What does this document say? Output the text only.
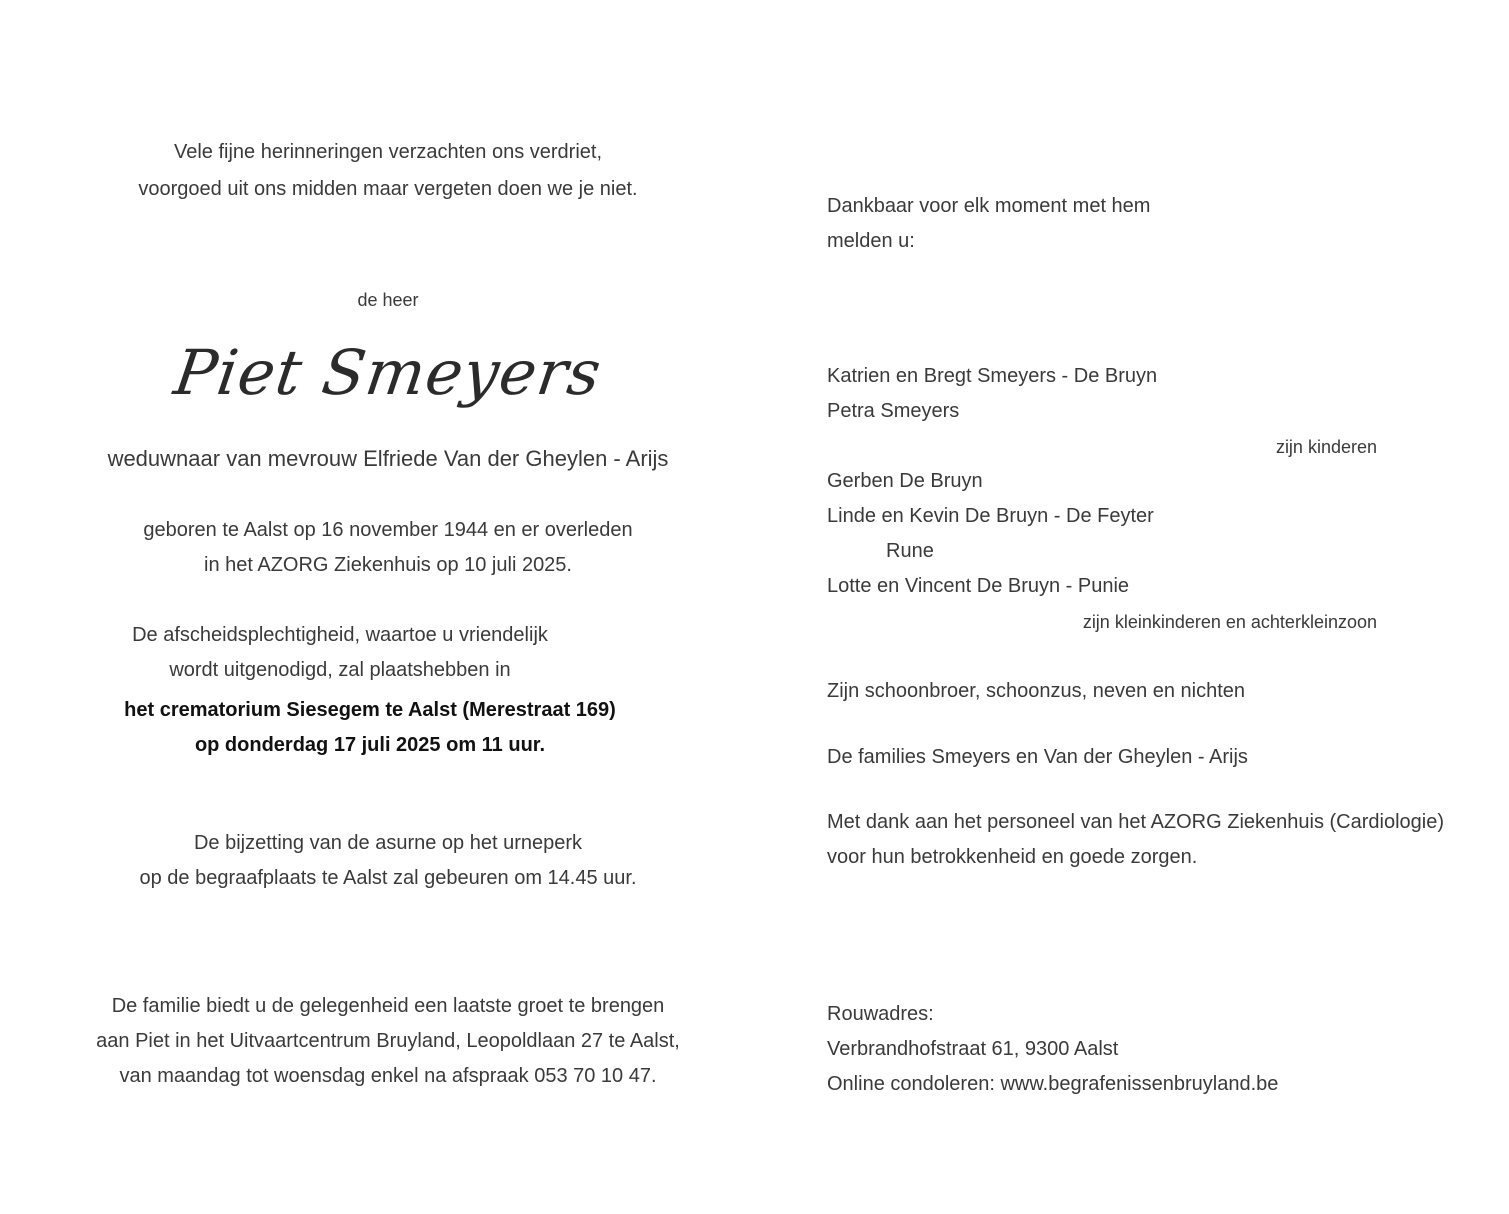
Vele fijne herinneringen verzachten ons verdriet,
voorgoed uit ons midden maar vergeten doen we je niet.
de heer
Piet Smeyers
weduwnaar van mevrouw Elfriede Van der Gheylen - Arijs
geboren te Aalst op 16 november 1944 en er overleden
in het AZORG Ziekenhuis op 10 juli 2025.
De afscheidsplechtigheid, waartoe u vriendelijk
wordt uitgenodigd, zal plaatshebben in
het crematorium Siesegem te Aalst (Merestraat 169)
op donderdag 17 juli 2025 om 11 uur.
De bijzetting van de asurne op het urneperk
op de begraafplaats te Aalst zal gebeuren om 14.45 uur.
De familie biedt u de gelegenheid een laatste groet te brengen
aan Piet in het Uitvaartcentrum Bruyland, Leopoldlaan 27 te Aalst,
van maandag tot woensdag enkel na afspraak 053 70 10 47.
Dankbaar voor elk moment met hem
melden u:
Katrien en Bregt Smeyers - De Bruyn
Petra Smeyers
zijn kinderen
Gerben De Bruyn
Linde en Kevin De Bruyn - De Feyter
Rune
Lotte en Vincent De Bruyn - Punie
zijn kleinkinderen en achterkleinzoon
Zijn schoonbroer, schoonzus, neven en nichten
De families Smeyers en Van der Gheylen - Arijs
Met dank aan het personeel van het AZORG Ziekenhuis (Cardiologie)
voor hun betrokkenheid en goede zorgen.
Rouwadres:
Verbrandhofstraat 61, 9300 Aalst
Online condoleren: www.begrafenissenbruyland.be
